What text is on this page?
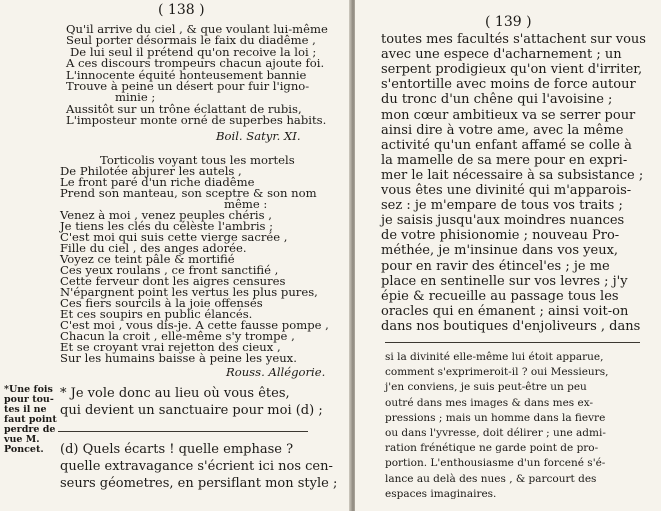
( 138 )
Qu'il arrive du ciel , & que voulant lui-même
Seul porter désormais le faix du diadême ,
De lui seul il prétend qu'on recoive la loi ;
A ces discours trompeurs chacun ajoute foi.
L'innocente équité honteusement bannie
Trouve à peine un désert pour fuir l'igno-
minie ;
Aussitôt sur un trône éclattant de rubis,
L'imposteur monte orné de superbes habits.
Boil. Satyr. XI.
Torticolis voyant tous les mortels
De Philotée abjurer les autels ,
Le front paré d'un riche diadême
Prend son manteau, son sceptre & son nom
même :
Venez à moi , venez peuples chéris ,
Je tiens les clés du célèste l'ambris ;
C'est moi qui suis cette vierge sacrée ,
Fille du ciel , des anges adorée.
Voyez ce teint pâle & mortifié
Ces yeux roulans , ce front sanctifié ,
Cette ferveur dont les aigres censures
N'épargnent point les vertus les plus pures,
Ces fiers sourcils à la joie offensés
Et ces soupirs en public élancés.
C'est moi , vous dis-je. A cette fausse pompe ,
Chacun la croit , elle-même s'y trompe ,
Et se croyant vrai rejetton des cieux ,
Sur les humains baisse à peine les yeux.
Rouss. Allégorie.
*Une fois
pour tou-
tes il ne
faut point
perdre de
vue M.
Poncet.
* Je vole donc au lieu où vous êtes,
qui devient un sanctuaire pour moi (d) ;
(d) Quels écarts ! quelle emphase ?
quelle extravagance s'écrient ici nos cen-
seurs géometres, en persiflant mon style ;
( 139 )
toutes mes facultés s'attachent sur vous
avec une espece d'acharnement ; un
serpent prodigieux qu'on vient d'irriter,
s'entortille avec moins de force autour
du tronc d'un chêne qui l'avoisine ;
mon cœur ambitieux va se serrer pour
ainsi dire à votre ame, avec la même
activité qu'un enfant affamé se colle à
la mamelle de sa mere pour en expri-
mer le lait nécessaire à sa subsistance ;
vous êtes une divinité qui m'apparois-
sez : je m'empare de tous vos traits ;
je saisis jusqu'aux moindres nuances
de votre phisionomie ; nouveau Pro-
méthée, je m'insinue dans vos yeux,
pour en ravir des étincel'es ; je me
place en sentinelle sur vos levres ; j'y
épie & recueille au passage tous les
oracles qui en émanent ; ainsi voit-on
dans nos boutiques d'enjoliveurs , dans
si la divinité elle-même lui étoit apparue,
comment s'exprimeroit-il ? oui Messieurs,
j'en conviens, je suis peut-être un peu
outré dans mes images & dans mes ex-
pressions ; mais un homme dans la fievre
ou dans l'yvresse, doit délirer ; une admi-
ration frénétique ne garde point de pro-
portion. L'enthousiasme d'un forcené s'é-
lance au delà des nues , & parcourt des
espaces imaginaires.
